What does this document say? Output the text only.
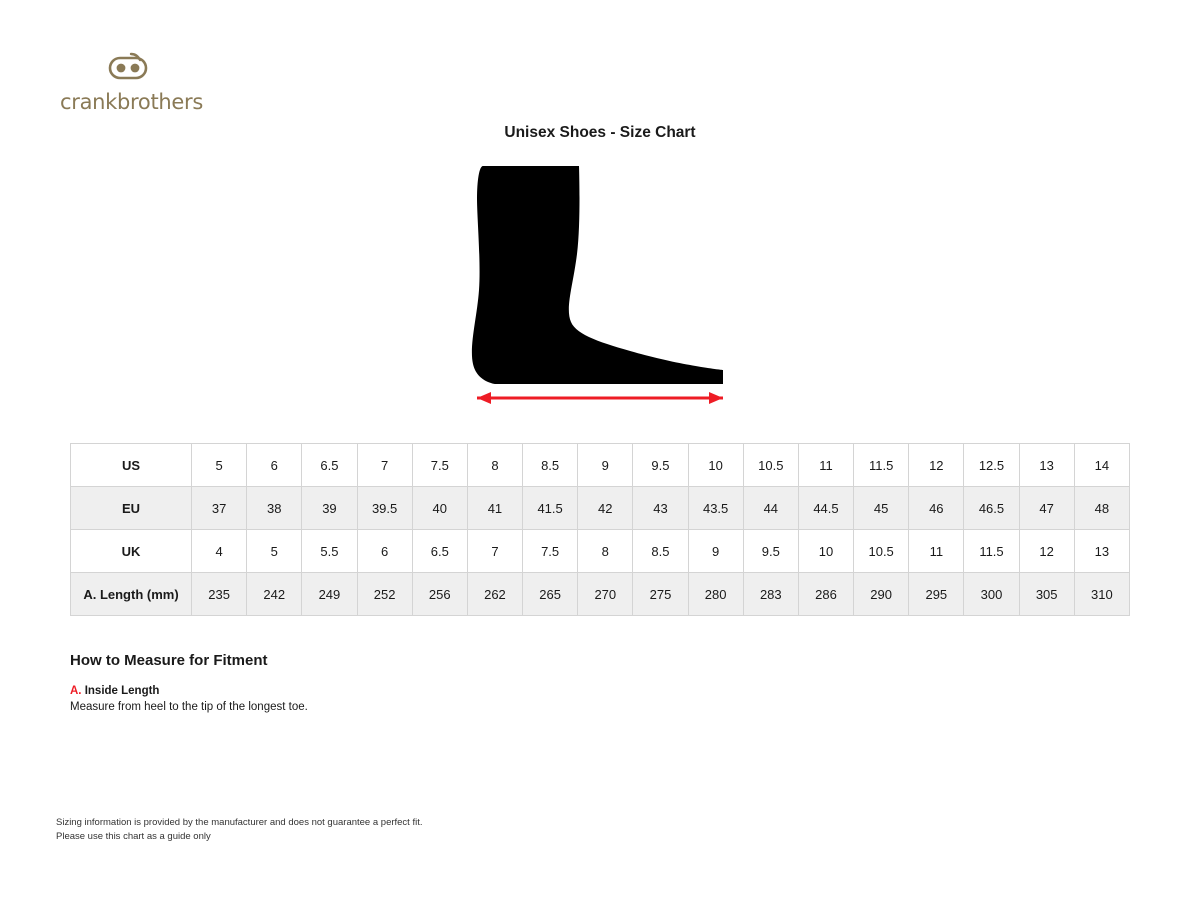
crankbrothers
Unisex Shoes - Size Chart
US	5	6	6.5	7	7.5	8	8.5	9	9.5	10	10.5	11	11.5	12	12.5	13	14
EU	37	38	39	39.5	40	41	41.5	42	43	43.5	44	44.5	45	46	46.5	47	48
UK	4	5	5.5	6	6.5	7	7.5	8	8.5	9	9.5	10	10.5	11	11.5	12	13
A. Length (mm)	235	242	249	252	256	262	265	270	275	280	283	286	290	295	300	305	310

How to Measure for Fitment

A. Inside Length

Measure from heel to the tip of the longest toe.

Sizing information is provided by the manufacturer and does not guarantee a perfect fit.
Please use this chart as a guide only
